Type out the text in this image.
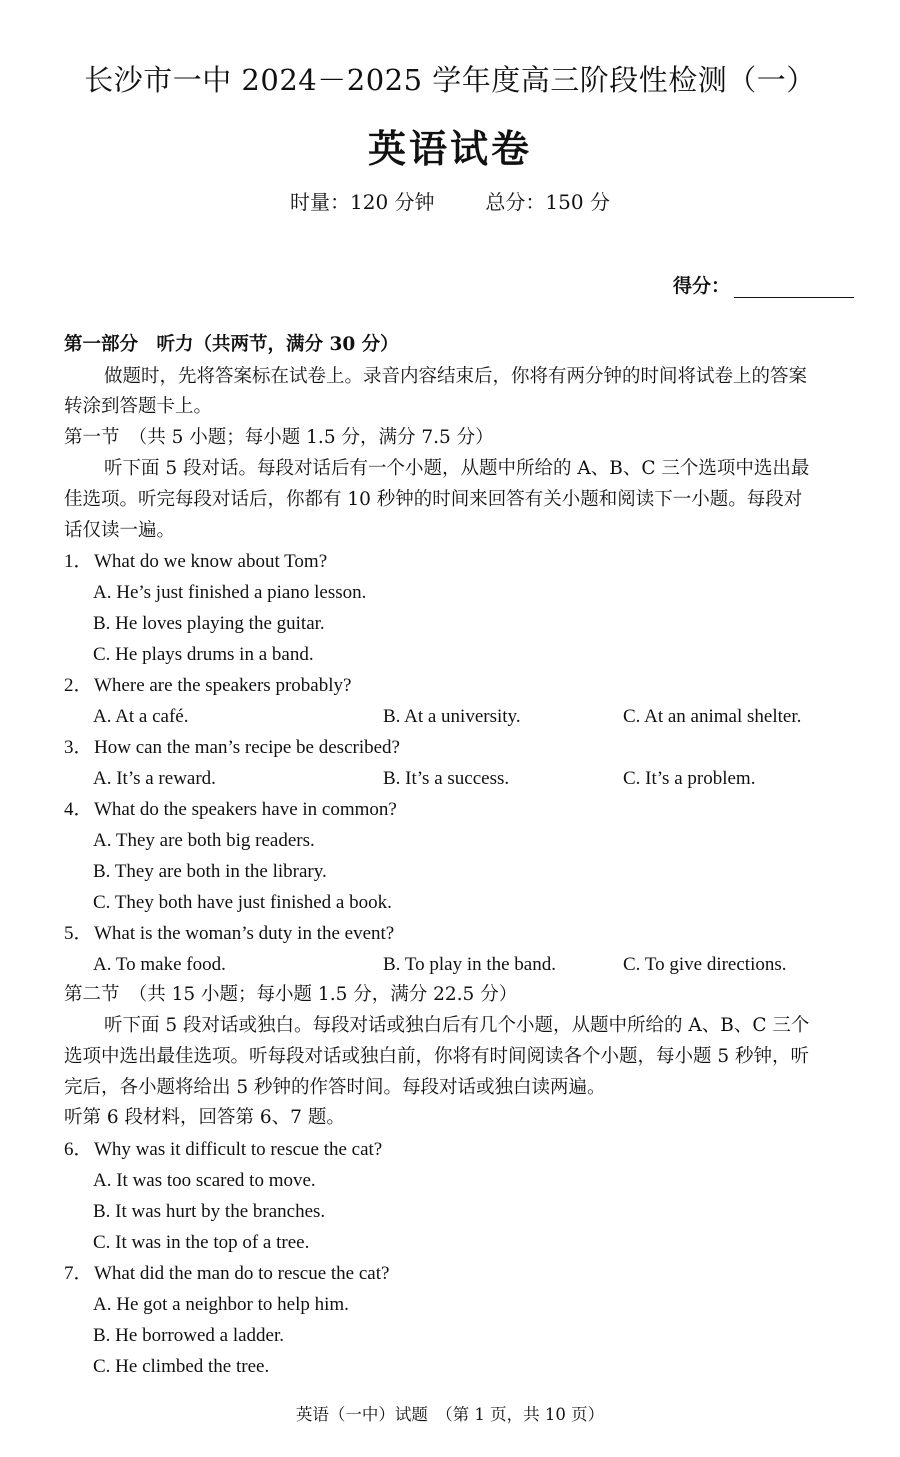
长沙市一中 2024－2025 学年度高三阶段性检测（一）
英语试卷
时量：120 分钟	总分：150 分
得分：
第一部分　听力（共两节，满分 30 分）
做题时，先将答案标在试卷上。录音内容结束后，你将有两分钟的时间将试卷上的答案
转涂到答题卡上。
第一节　（共 5 小题；每小题 1.5 分，满分 7.5 分）
听下面 5 段对话。每段对话后有一个小题，从题中所给的 A、B、C 三个选项中选出最
佳选项。听完每段对话后，你都有 10 秒钟的时间来回答有关小题和阅读下一小题。每段对
话仅读一遍。
1．What do we know about Tom?
A. He’s just finished a piano lesson.
B. He loves playing the guitar.
C. He plays drums in a band.
2．Where are the speakers probably?
A. At a café.	B. At a university.	C. At an animal shelter.
3．How can the man’s recipe be described?
A. It’s a reward.	B. It’s a success.	C. It’s a problem.
4．What do the speakers have in common?
A. They are both big readers.
B. They are both in the library.
C. They both have just finished a book.
5．What is the woman’s duty in the event?
A. To make food.	B. To play in the band.	C. To give directions.
第二节　（共 15 小题；每小题 1.5 分，满分 22.5 分）
听下面 5 段对话或独白。每段对话或独白后有几个小题，从题中所给的 A、B、C 三个
选项中选出最佳选项。听每段对话或独白前，你将有时间阅读各个小题，每小题 5 秒钟，听
完后，各小题将给出 5 秒钟的作答时间。每段对话或独白读两遍。
听第 6 段材料，回答第 6、7 题。
6．Why was it difficult to rescue the cat?
A. It was too scared to move.
B. It was hurt by the branches.
C. It was in the top of a tree.
7．What did the man do to rescue the cat?
A. He got a neighbor to help him.
B. He borrowed a ladder.
C. He climbed the tree.
英语（一中）试题　（第 1 页，共 10 页）
